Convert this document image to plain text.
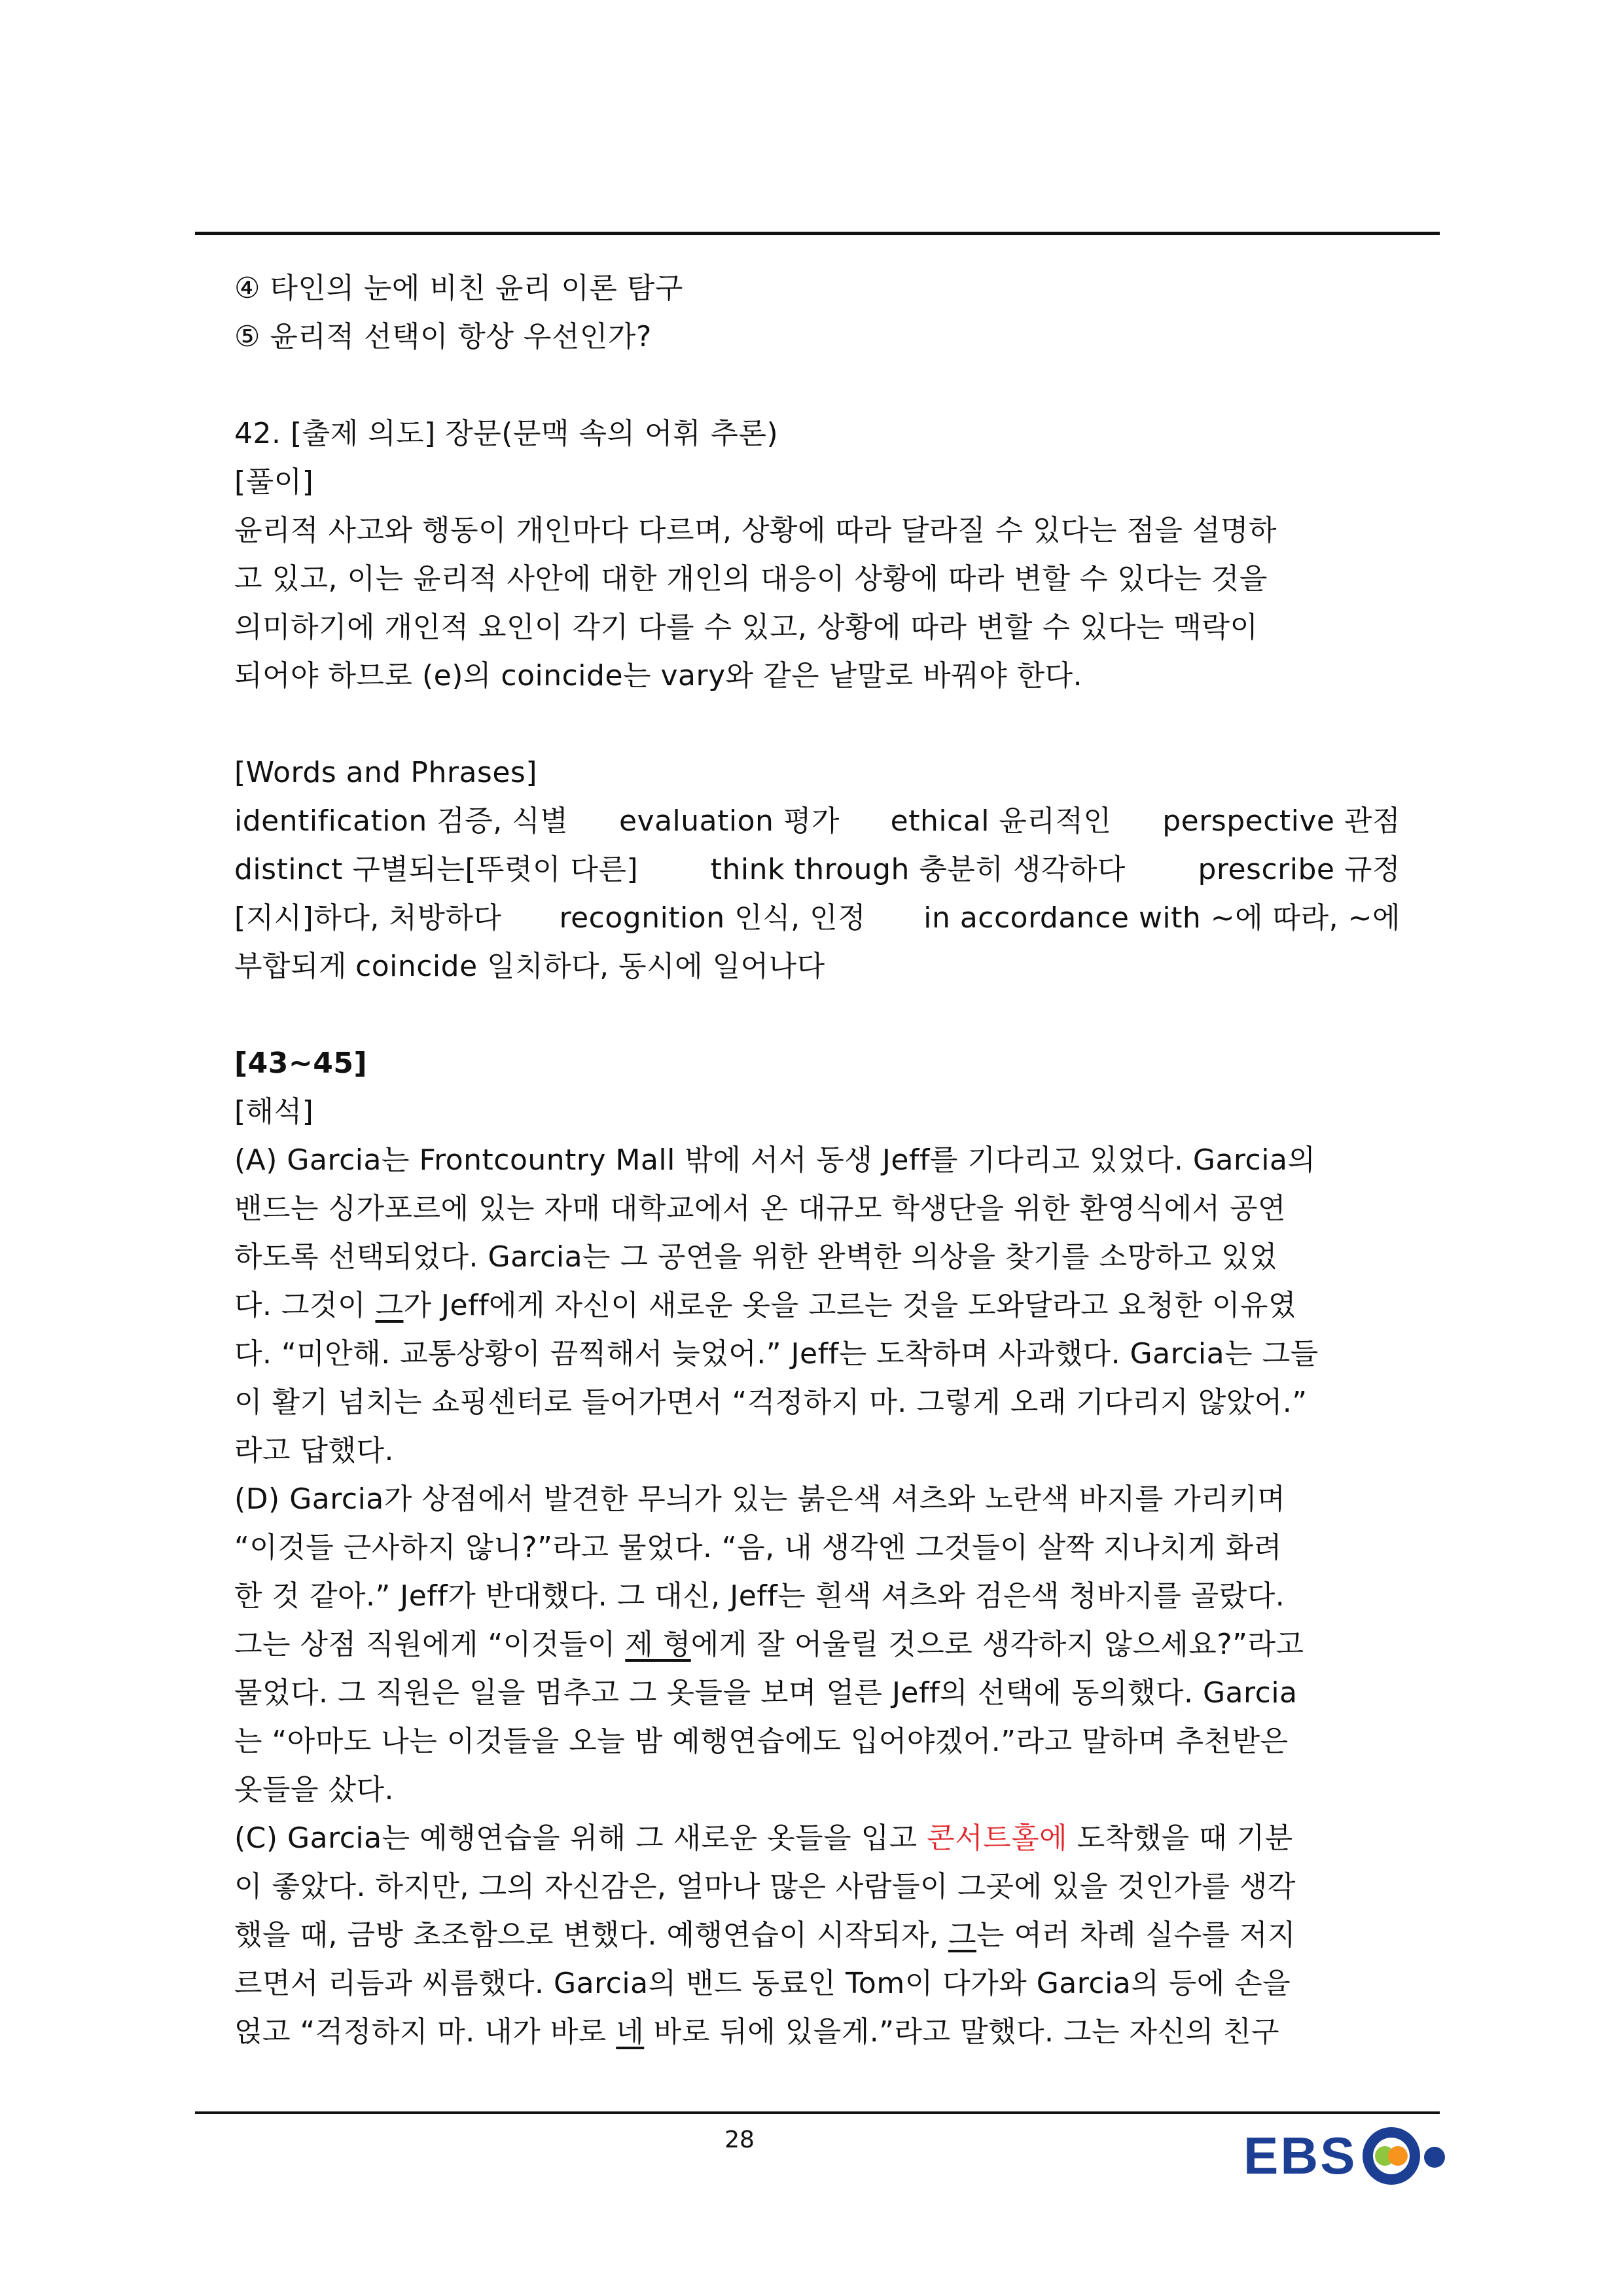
④ 타인의 눈에 비친 윤리 이론 탐구
⑤ 윤리적 선택이 항상 우선인가?
42. [출제 의도] 장문(문맥 속의 어휘 추론)
[풀이]
윤리적 사고와 행동이 개인마다 다르며, 상황에 따라 달라질 수 있다는 점을 설명하
고 있고, 이는 윤리적 사안에 대한 개인의 대응이 상황에 따라 변할 수 있다는 것을
의미하기에 개인적 요인이 각기 다를 수 있고, 상황에 따라 변할 수 있다는 맥락이
되어야 하므로 (e)의 coincide는 vary와 같은 낱말로 바꿔야 한다.
[Words and Phrases]
identification 검증, 식별 evaluation 평가 ethical 윤리적인 perspective 관점
distinct 구별되는[뚜렷이 다른]	think through 충분히 생각하다	prescribe 규정
[지시]하다, 처방하다 recognition 인식, 인정 in accordance with ~에 따라, ~에
부합되게 coincide 일치하다, 동시에 일어나다
[43~45]
[해석]
(A) Garcia는 Frontcountry Mall 밖에 서서 동생 Jeff를 기다리고 있었다. Garcia의
밴드는 싱가포르에 있는 자매 대학교에서 온 대규모 학생단을 위한 환영식에서 공연
하도록 선택되었다. Garcia는 그 공연을 위한 완벽한 의상을 찾기를 소망하고 있었
다. 그것이 그가 Jeff에게 자신이 새로운 옷을 고르는 것을 도와달라고 요청한 이유였
다. “미안해. 교통상황이 끔찍해서 늦었어.” Jeff는 도착하며 사과했다. Garcia는 그들
이 활기 넘치는 쇼핑센터로 들어가면서 “걱정하지 마. 그렇게 오래 기다리지 않았어.”
라고 답했다.
(D) Garcia가 상점에서 발견한 무늬가 있는 붉은색 셔츠와 노란색 바지를 가리키며
“이것들 근사하지 않니?”라고 물었다. “음, 내 생각엔 그것들이 살짝 지나치게 화려
한 것 같아.” Jeff가 반대했다. 그 대신, Jeff는 흰색 셔츠와 검은색 청바지를 골랐다.
그는 상점 직원에게 “이것들이 제 형에게 잘 어울릴 것으로 생각하지 않으세요?”라고
물었다. 그 직원은 일을 멈추고 그 옷들을 보며 얼른 Jeff의 선택에 동의했다. Garcia
는 “아마도 나는 이것들을 오늘 밤 예행연습에도 입어야겠어.”라고 말하며 추천받은
옷들을 샀다.
(C) Garcia는 예행연습을 위해 그 새로운 옷들을 입고 콘서트홀에 도착했을 때 기분
이 좋았다. 하지만, 그의 자신감은, 얼마나 많은 사람들이 그곳에 있을 것인가를 생각
했을 때, 금방 초조함으로 변했다. 예행연습이 시작되자, 그는 여러 차례 실수를 저지
르면서 리듬과 씨름했다. Garcia의 밴드 동료인 Tom이 다가와 Garcia의 등에 손을
얹고 “걱정하지 마. 내가 바로 네 바로 뒤에 있을게.”라고 말했다. 그는 자신의 친구
28	EBS
